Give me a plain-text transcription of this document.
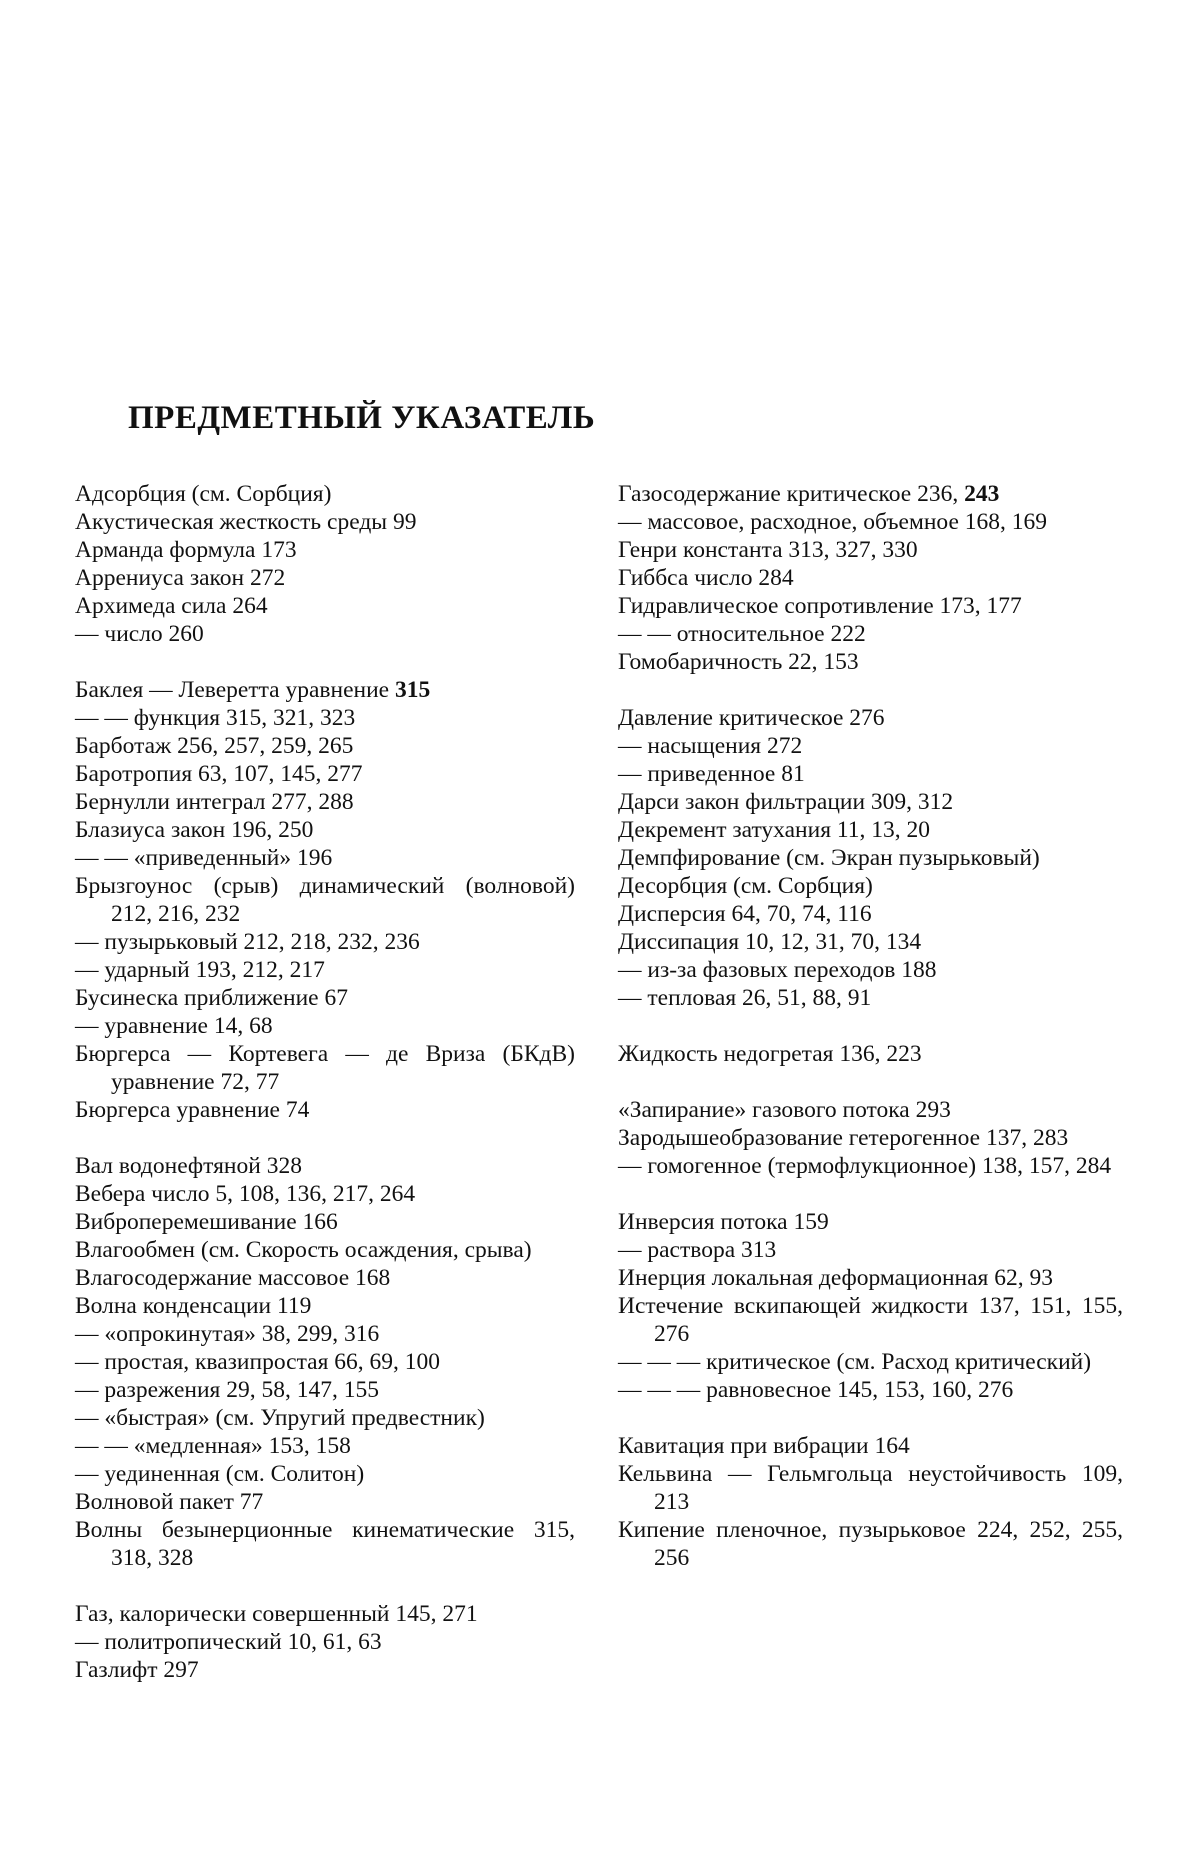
ПРЕДМЕТНЫЙ УКАЗАТЕЛЬ

Адсорбция (см. Сорбция)

Акустическая жесткость среды 99

Арманда формула 173

Аррениуса закон 272

Архимеда сила 264

— число 260

Баклея — Леверетта уравнение 315

— — функция 315, 321, 323

Барботаж 256, 257, 259, 265

Баротропия 63, 107, 145, 277

Бернулли интеграл 277, 288

Блазиуса закон 196, 250

— — «приведенный» 196

Брызгоунос (срыв) динамический (волновой) 212, 216, 232

— пузырьковый 212, 218, 232, 236

— ударный 193, 212, 217

Бусинеска приближение 67

— уравнение 14, 68

Бюргерса — Кортевега — де Вриза (БКдВ) уравнение 72, 77

Бюргерса уравнение 74

Вал водонефтяной 328

Вебера число 5, 108, 136, 217, 264

Виброперемешивание 166

Влагообмен (см. Скорость осаждения, срыва)

Влагосодержание массовое 168

Волна конденсации 119

— «опрокинутая» 38, 299, 316

— простая, квазипростая 66, 69, 100

— разрежения 29, 58, 147, 155

— «быстрая» (см. Упругий предвестник)

— — «медленная» 153, 158

— уединенная (см. Солитон)

Волновой пакет 77

Волны безынерционные кинематические 315, 318, 328

Газ, калорически совершенный 145, 271

— политропический 10, 61, 63

Газлифт 297

Газосодержание критическое 236, 243

— массовое, расходное, объемное 168, 169

Генри константа 313, 327, 330

Гиббса число 284

Гидравлическое сопротивление 173, 177

— — относительное 222

Гомобаричность 22, 153

Давление критическое 276

— насыщения 272

— приведенное 81

Дарси закон фильтрации 309, 312

Декремент затухания 11, 13, 20

Демпфирование (см. Экран пузырьковый)

Десорбция (см. Сорбция)

Дисперсия 64, 70, 74, 116

Диссипация 10, 12, 31, 70, 134

— из-за фазовых переходов 188

— тепловая 26, 51, 88, 91

Жидкость недогретая 136, 223

«Запирание» газового потока 293

Зародышеобразование гетерогенное 137, 283

— гомогенное (термофлукционное) 138, 157, 284

Инверсия потока 159

— раствора 313

Инерция локальная деформационная 62, 93

Истечение вскипающей жидкости 137, 151, 155, 276

— — — критическое (см. Расход критический)

— — — равновесное 145, 153, 160, 276

Кавитация при вибрации 164

Кельвина — Гельмгольца неустойчивость 109, 213

Кипение пленочное, пузырьковое 224, 252, 255, 256
